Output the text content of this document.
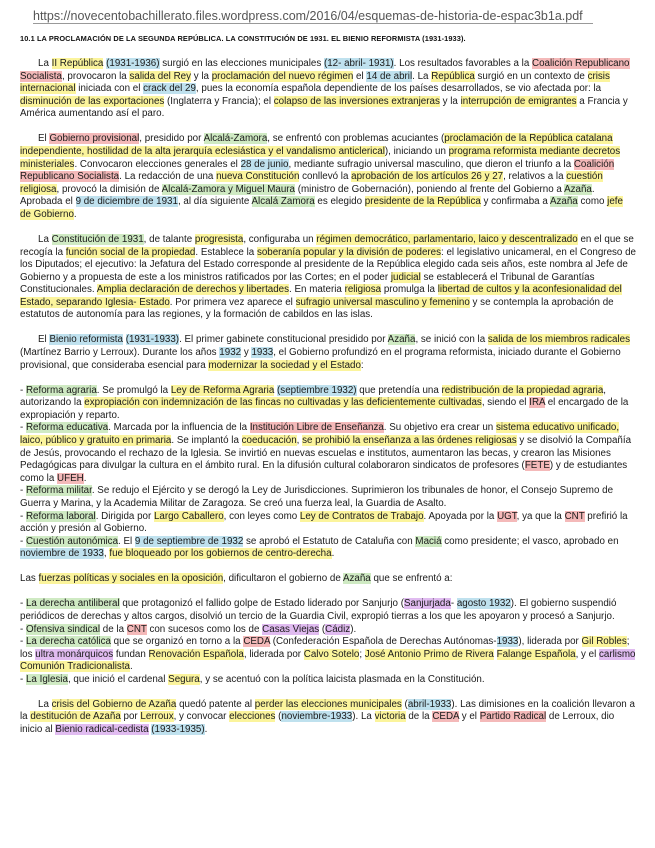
https://novecentobachillerato.files.wordpress.com/2016/04/esquemas-de-historia-de-espac3b1a.pdf
10.1 LA PROCLAMACIÓN DE LA SEGUNDA REPÚBLICA. LA CONSTITUCIÓN DE 1931. EL BIENIO REFORMISTA (1931-1933).

La II República (1931-1936) surgió en las elecciones municipales (12- abril- 1931). Los resultados favorables a la Coalición Republicano Socialista, provocaron la salida del Rey y la proclamación del nuevo régimen el 14 de abril. La República surgió en un contexto de crisis internacional iniciada con el crack del 29, pues la economía española dependiente de los países desarrollados, se vio afectada por: la disminución de las exportaciones (Inglaterra y Francia); el colapso de las inversiones extranjeras y la interrupción de emigrantes a Francia y América aumentando así el paro.

El Gobierno provisional, presidido por Alcalá-Zamora, se enfrentó con problemas acuciantes (proclamación de la República catalana independiente, hostilidad de la alta jerarquía eclesiástica y el vandalismo anticlerical), iniciando un programa reformista mediante decretos ministeriales. Convocaron elecciones generales el 28 de junio, mediante sufragio universal masculino, que dieron el triunfo a la Coalición Republicano Socialista. La redacción de una nueva Constitución conllevó la aprobación de los artículos 26 y 27, relativos a la cuestión religiosa, provocó la dimisión de Alcalá-Zamora y Miguel Maura (ministro de Gobernación), poniendo al frente del Gobierno a Azaña. Aprobada el 9 de diciembre de 1931, al día siguiente Alcalá Zamora es elegido presidente de la República y confirmaba a Azaña como jefe de Gobierno.

La Constitución de 1931, de talante progresista, configuraba un régimen democrático, parlamentario, laico y descentralizado en el que se recogía la función social de la propiedad. Establece la soberanía popular y la división de poderes: el legislativo unicameral, en el Congreso de los Diputados; el ejecutivo: la Jefatura del Estado corresponde al presidente de la República elegido cada seis años, este nombra al Jefe de Gobierno y a propuesta de este a los ministros ratificados por las Cortes; en el poder judicial se establecerá el Tribunal de Garantías Constitucionales. Amplia declaración de derechos y libertades. En materia religiosa promulga la libertad de cultos y la aconfesionalidad del Estado, separando Iglesia- Estado. Por primera vez aparece el sufragio universal masculino y femenino y se contempla la aprobación de estatutos de autonomía para las regiones, y la formación de cabildos en las islas.

El Bienio reformista (1931-1933). El primer gabinete constitucional presidido por Azaña, se inició con la salida de los miembros radicales (Martínez Barrio y Lerroux). Durante los años 1932 y 1933, el Gobierno profundizó en el programa reformista, iniciado durante el Gobierno provisional, que consideraba esencial para modernizar la sociedad y el Estado:

- Reforma agraria. Se promulgó la Ley de Reforma Agraria (septiembre 1932) que pretendía una redistribución de la propiedad agraria, autorizando la expropiación con indemnización de las fincas no cultivadas y las deficientemente cultivadas, siendo el IRA el encargado de la expropiación y reparto.
- Reforma educativa. Marcada por la influencia de la Institución Libre de Enseñanza. Su objetivo era crear un sistema educativo unificado, laico, público y gratuito en primaria. Se implantó la coeducación, se prohibió la enseñanza a las órdenes religiosas y se disolvió la Compañía de Jesús, provocando el rechazo de la Iglesia. Se invirtió en nuevas escuelas e institutos, aumentaron las becas, y crearon las Misiones Pedagógicas para divulgar la cultura en el ámbito rural. En la difusión cultural colaboraron sindicatos de profesores (FETE) y de estudiantes como la UFEH.
- Reforma militar. Se redujo el Ejército y se derogó la Ley de Jurisdicciones. Suprimieron los tribunales de honor, el Consejo Supremo de Guerra y Marina, y la Academia Militar de Zaragoza. Se creó una fuerza leal, la Guardia de Asalto.
- Reforma laboral. Dirigida por Largo Caballero, con leyes como Ley de Contratos de Trabajo. Apoyada por la UGT, ya que la CNT prefirió la acción y presión al Gobierno.
- Cuestión autonómica. El 9 de septiembre de 1932 se aprobó el Estatuto de Cataluña con Maciá como presidente; el vasco, aprobado en noviembre de 1933, fue bloqueado por los gobiernos de centro-derecha.

Las fuerzas políticas y sociales en la oposición, dificultaron el gobierno de Azaña que se enfrentó a:

- La derecha antiliberal que protagonizó el fallido golpe de Estado liderado por Sanjurjo (Sanjurjada- agosto 1932). El gobierno suspendió periódicos de derechas y altos cargos, disolvió un tercio de la Guardia Civil, expropió tierras a los que les apoyaron y procesó a Sanjurjo.
- Ofensiva sindical de la CNT con sucesos como los de Casas Viejas (Cádiz).
- La derecha católica que se organizó en torno a la CEDA (Confederación Española de Derechas Autónomas-1933), liderada por Gil Robles; los ultra monárquicos fundan Renovación Española, liderada por Calvo Sotelo; José Antonio Primo de Rivera Falange Española, y el carlismo Comunión Tradicionalista.
- La Iglesia, que inició el cardenal Segura, y se acentuó con la política laicista plasmada en la Constitución.

La crisis del Gobierno de Azaña quedó patente al perder las elecciones municipales (abril-1933). Las dimisiones en la coalición llevaron a la destitución de Azaña por Lerroux, y convocar elecciones (noviembre-1933). La victoria de la CEDA y el Partido Radical de Lerroux, dio inicio al Bienio radical-cedista (1933-1935).
